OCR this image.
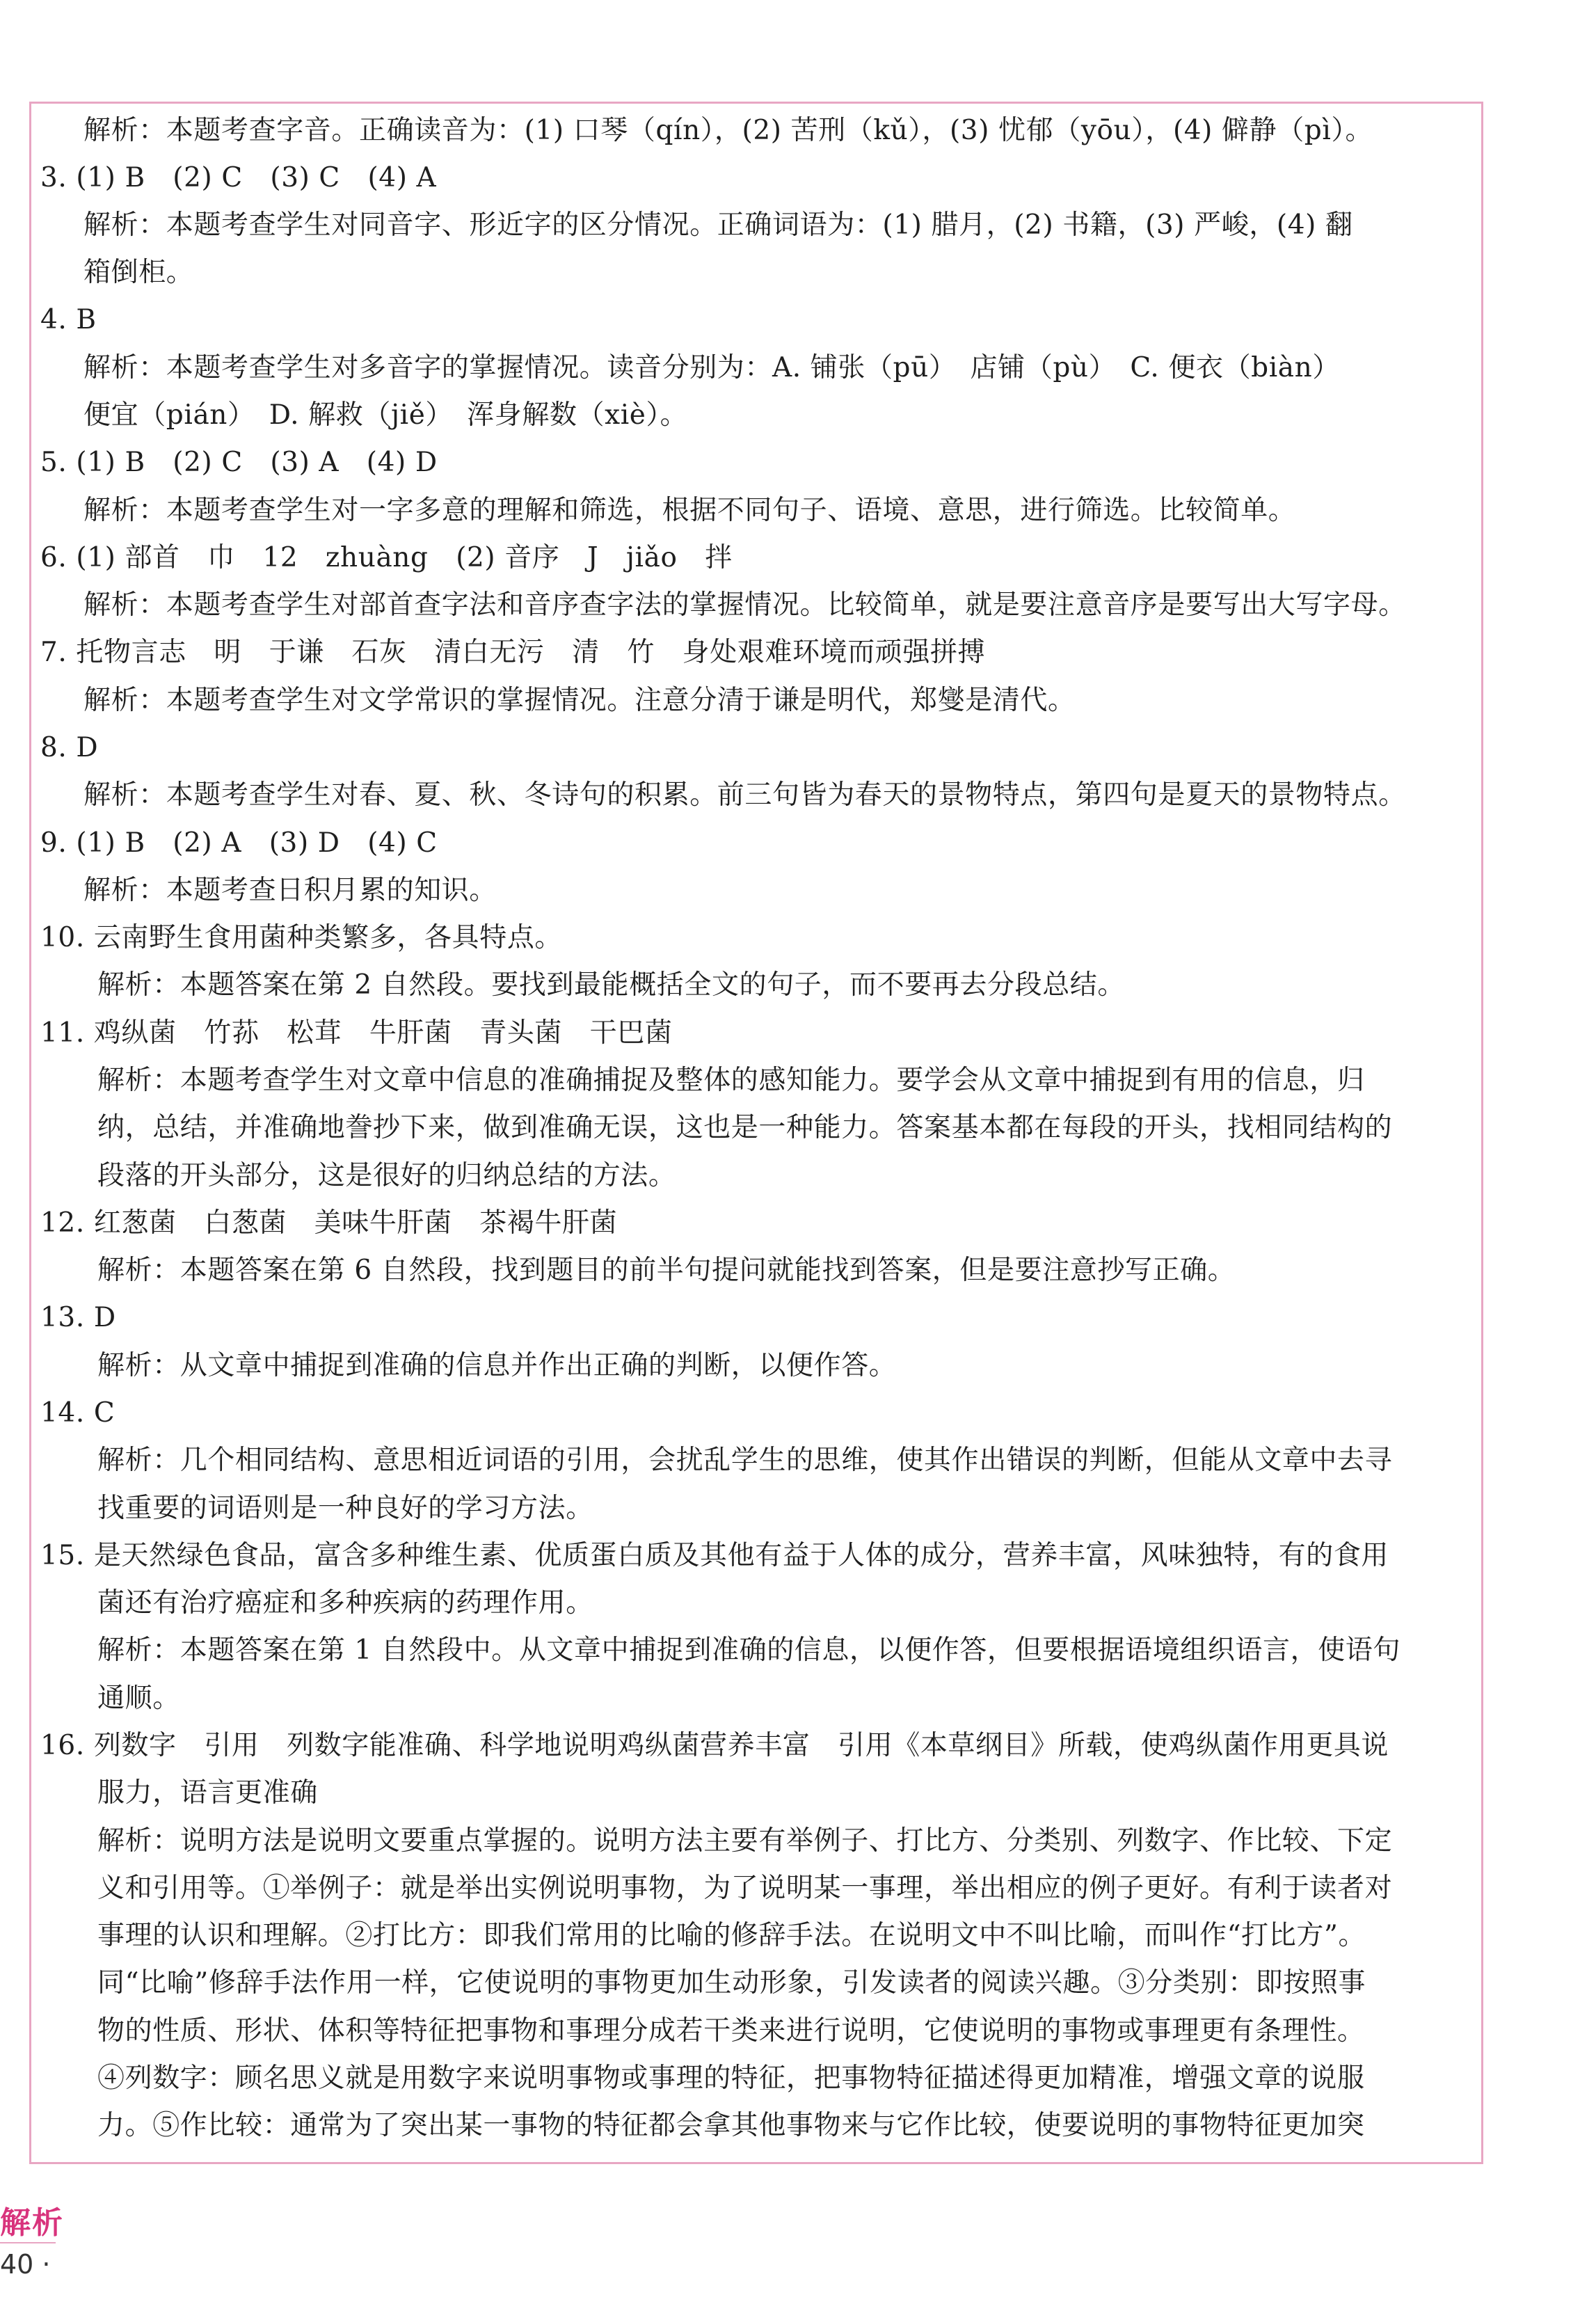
解析：本题考查字音。正确读音为：(1) 口琴（qín），(2) 苦刑（kǔ），(3) 忧郁（yōu），(4) 僻静（pì）。
3. (1) B　(2) C　(3) C　(4) A
解析：本题考查学生对同音字、形近字的区分情况。正确词语为：(1) 腊月，(2) 书籍，(3) 严峻，(4) 翻
箱倒柜。
4. B
解析：本题考查学生对多音字的掌握情况。读音分别为：A. 铺张（pū）　店铺（pù）　C. 便衣（biàn）
便宜（pián）　D. 解救（jiě）　浑身解数（xiè）。
5. (1) B　(2) C　(3) A　(4) D
解析：本题考查学生对一字多意的理解和筛选，根据不同句子、语境、意思，进行筛选。比较简单。
6. (1) 部首　巾　12　zhuàng　(2) 音序　J　jiǎo　拌
解析：本题考查学生对部首查字法和音序查字法的掌握情况。比较简单，就是要注意音序是要写出大写字母。
7. 托物言志　明　于谦　石灰　清白无污　清　竹　身处艰难环境而顽强拼搏
解析：本题考查学生对文学常识的掌握情况。注意分清于谦是明代，郑燮是清代。
8. D
解析：本题考查学生对春、夏、秋、冬诗句的积累。前三句皆为春天的景物特点，第四句是夏天的景物特点。
9. (1) B　(2) A　(3) D　(4) C
解析：本题考查日积月累的知识。
10. 云南野生食用菌种类繁多，各具特点。
解析：本题答案在第 2 自然段。要找到最能概括全文的句子，而不要再去分段总结。
11. 鸡纵菌　竹荪　松茸　牛肝菌　青头菌　干巴菌
解析：本题考查学生对文章中信息的准确捕捉及整体的感知能力。要学会从文章中捕捉到有用的信息，归
纳，总结，并准确地誊抄下来，做到准确无误，这也是一种能力。答案基本都在每段的开头，找相同结构的
段落的开头部分，这是很好的归纳总结的方法。
12. 红葱菌　白葱菌　美味牛肝菌　茶褐牛肝菌
解析：本题答案在第 6 自然段，找到题目的前半句提问就能找到答案，但是要注意抄写正确。
13. D
解析：从文章中捕捉到准确的信息并作出正确的判断，以便作答。
14. C
解析：几个相同结构、意思相近词语的引用，会扰乱学生的思维，使其作出错误的判断，但能从文章中去寻
找重要的词语则是一种良好的学习方法。
15. 是天然绿色食品，富含多种维生素、优质蛋白质及其他有益于人体的成分，营养丰富，风味独特，有的食用
菌还有治疗癌症和多种疾病的药理作用。
解析：本题答案在第 1 自然段中。从文章中捕捉到准确的信息，以便作答，但要根据语境组织语言，使语句
通顺。
16. 列数字　引用　列数字能准确、科学地说明鸡纵菌营养丰富　引用《本草纲目》所载，使鸡纵菌作用更具说
服力，语言更准确
解析：说明方法是说明文要重点掌握的。说明方法主要有举例子、打比方、分类别、列数字、作比较、下定
义和引用等。①举例子：就是举出实例说明事物，为了说明某一事理，举出相应的例子更好。有利于读者对
事理的认识和理解。②打比方：即我们常用的比喻的修辞手法。在说明文中不叫比喻，而叫作“打比方”。
同“比喻”修辞手法作用一样，它使说明的事物更加生动形象，引发读者的阅读兴趣。③分类别：即按照事
物的性质、形状、体积等特征把事物和事理分成若干类来进行说明，它使说明的事物或事理更有条理性。
④列数字：顾名思义就是用数字来说明事物或事理的特征，把事物特征描述得更加精准，增强文章的说服
力。⑤作比较：通常为了突出某一事物的特征都会拿其他事物来与它作比较，使要说明的事物特征更加突
解析
40 ·
